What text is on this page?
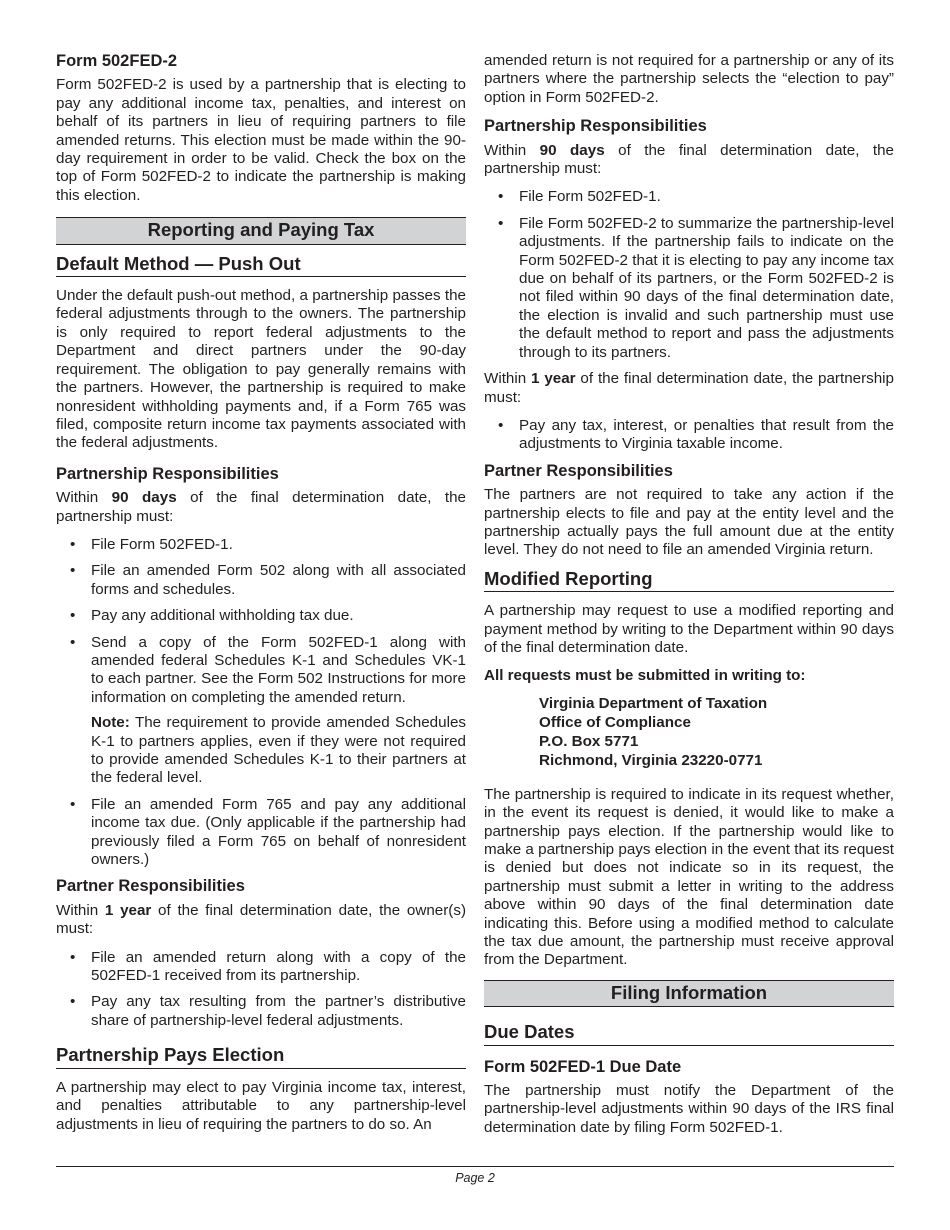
Form 502FED-2

Form 502FED-2 is used by a partnership that is electing to pay any additional income tax, penalties, and interest on behalf of its partners in lieu of requiring partners to file amended returns. This election must be made within the 90-day requirement in order to be valid. Check the box on the top of Form 502FED-2 to indicate the partnership is making this election.

Reporting and Paying Tax
Default Method — Push Out

Under the default push-out method, a partnership passes the federal adjustments through to the owners. The partnership is only required to report federal adjustments to the Department and direct partners under the 90-day requirement. The obligation to pay generally remains with the partners. However, the partnership is required to make nonresident withholding payments and, if a Form 765 was filed, composite return income tax payments associated with the federal adjustments.

Partnership Responsibilities

Within 90 days of the final determination date, the partnership must:

• File Form 502FED-1.
• File an amended Form 502 along with all associated forms and schedules.
• Pay any additional withholding tax due.
• Send a copy of the Form 502FED-1 along with amended federal Schedules K-1 and Schedules VK-1 to each partner. See the Form 502 Instructions for more information on completing the amended return.
Note: The requirement to provide amended Schedules K-1 to partners applies, even if they were not required to provide amended Schedules K-1 to their partners at the federal level.
• File an amended Form 765 and pay any additional income tax due. (Only applicable if the partnership had previously filed a Form 765 on behalf of nonresident owners.)
Partner Responsibilities

Within 1 year of the final determination date, the owner(s) must:

• File an amended return along with a copy of the 502FED-1 received from its partnership.
• Pay any tax resulting from the partner’s distributive share of partnership-level federal adjustments.
Partnership Pays Election

A partnership may elect to pay Virginia income tax, interest, and penalties attributable to any partnership-level adjustments in lieu of requiring the partners to do so. An

amended return is not required for a partnership or any of its partners where the partnership selects the “election to pay” option in Form 502FED-2.

Partnership Responsibilities

Within 90 days of the final determination date, the partnership must:

• File Form 502FED-1.
• File Form 502FED-2 to summarize the partnership-level adjustments. If the partnership fails to indicate on the Form 502FED-2 that it is electing to pay any income tax due on behalf of its partners, or the Form 502FED-2 is not filed within 90 days of the final determination date, the election is invalid and such partnership must use the default method to report and pass the adjustments through to its partners.

Within 1 year of the final determination date, the partnership must:

• Pay any tax, interest, or penalties that result from the adjustments to Virginia taxable income.
Partner Responsibilities

The partners are not required to take any action if the partnership elects to file and pay at the entity level and the partnership actually pays the full amount due at the entity level. They do not need to file an amended Virginia return.

Modified Reporting

A partnership may request to use a modified reporting and payment method by writing to the Department within 90 days of the final determination date.

All requests must be submitted in writing to:

Virginia Department of Taxation
Office of Compliance
P.O. Box 5771
Richmond, Virginia 23220-0771

The partnership is required to indicate in its request whether, in the event its request is denied, it would like to make a partnership pays election. If the partnership would like to make a partnership pays election in the event that its request is denied but does not indicate so in its request, the partnership must submit a letter in writing to the address above within 90 days of the final determination date indicating this. Before using a modified method to calculate the tax due amount, the partnership must receive approval from the Department.

Filing Information
Due Dates
Form 502FED-1 Due Date

The partnership must notify the Department of the partnership-level adjustments within 90 days of the IRS final determination date by filing Form 502FED-1.

Page 2
